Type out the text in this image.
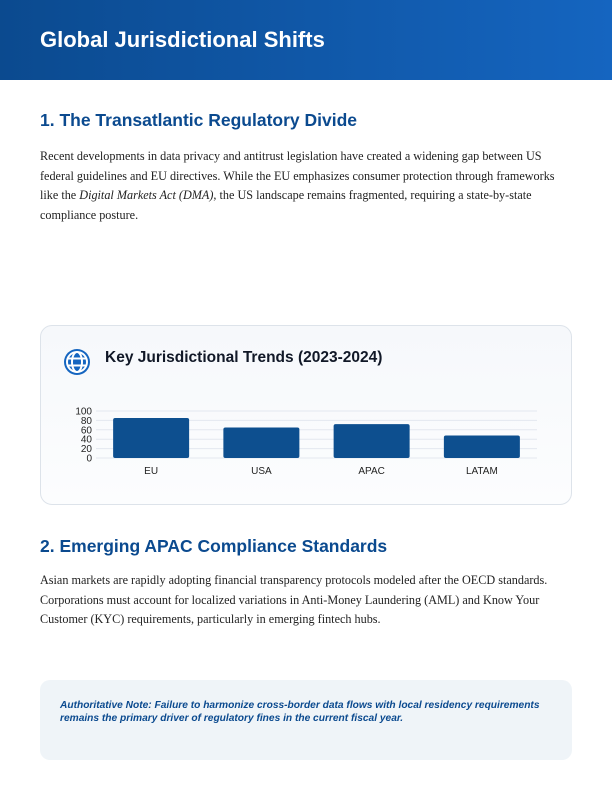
Global Jurisdictional Shifts
1. The Transatlantic Regulatory Divide

Recent developments in data privacy and antitrust legislation have created a widening gap between US federal guidelines and EU directives. While the EU emphasizes consumer protection through frameworks like the Digital Markets Act (DMA), the US landscape remains fragmented, requiring a state-by-state compliance posture.

Key Jurisdictional Trends (2023-2024)
0
20
40
60
80
100
EU	USA	APAC	LATAM
2. Emerging APAC Compliance Standards

Asian markets are rapidly adopting financial transparency protocols modeled after the OECD standards. Corporations must account for localized variations in Anti-Money Laundering (AML) and Know Your Customer (KYC) requirements, particularly in emerging fintech hubs.

Authoritative Note: Failure to harmonize cross-border data flows with local residency requirements remains the primary driver of regulatory fines in the current fiscal year.
